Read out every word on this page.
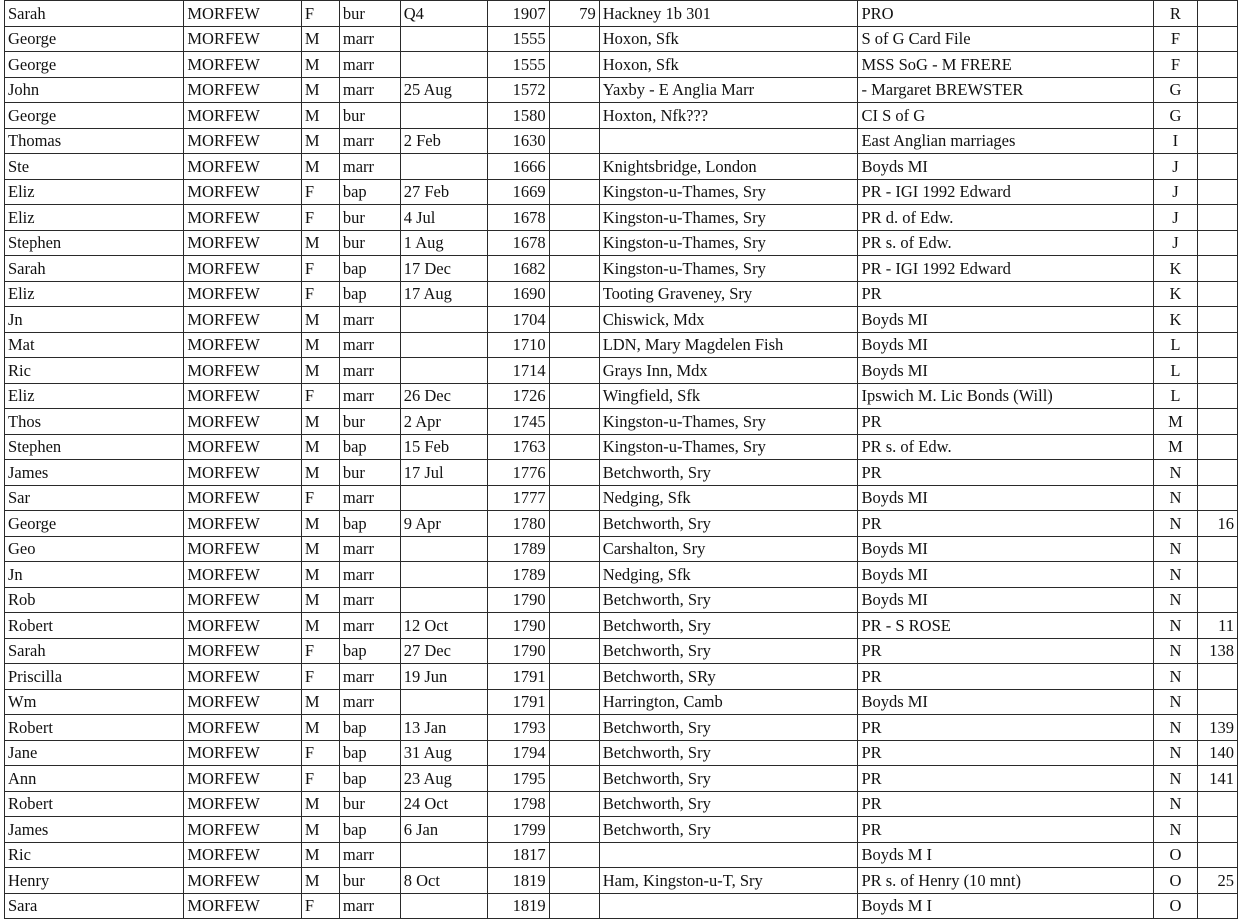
Sarah	MORFEW	F	bur	Q4	1907	79	Hackney 1b 301	PRO	R	
George	MORFEW	M	marr		1555		Hoxon, Sfk	S of G Card File	F	
George	MORFEW	M	marr		1555		Hoxon, Sfk	MSS SoG - M FRERE	F	
John	MORFEW	M	marr	25 Aug	1572		Yaxby - E Anglia Marr	- Margaret BREWSTER	G	
George	MORFEW	M	bur		1580		Hoxton, Nfk???	CI S of G	G	
Thomas	MORFEW	M	marr	2 Feb	1630			East Anglian marriages	I	
Ste	MORFEW	M	marr		1666		Knightsbridge, London	Boyds MI	J	
Eliz	MORFEW	F	bap	27 Feb	1669		Kingston-u-Thames, Sry	PR - IGI 1992 Edward	J	
Eliz	MORFEW	F	bur	4 Jul	1678		Kingston-u-Thames, Sry	PR d. of Edw.	J	
Stephen	MORFEW	M	bur	1 Aug	1678		Kingston-u-Thames, Sry	PR s. of Edw.	J	
Sarah	MORFEW	F	bap	17 Dec	1682		Kingston-u-Thames, Sry	PR - IGI 1992 Edward	K	
Eliz	MORFEW	F	bap	17 Aug	1690		Tooting Graveney, Sry	PR	K	
Jn	MORFEW	M	marr		1704		Chiswick, Mdx	Boyds MI	K	
Mat	MORFEW	M	marr		1710		LDN, Mary Magdelen Fish	Boyds MI	L	
Ric	MORFEW	M	marr		1714		Grays Inn, Mdx	Boyds MI	L	
Eliz	MORFEW	F	marr	26 Dec	1726		Wingfield, Sfk	Ipswich M. Lic Bonds (Will)	L	
Thos	MORFEW	M	bur	2 Apr	1745		Kingston-u-Thames, Sry	PR	M	
Stephen	MORFEW	M	bap	15 Feb	1763		Kingston-u-Thames, Sry	PR s. of Edw.	M	
James	MORFEW	M	bur	17 Jul	1776		Betchworth, Sry	PR	N	
Sar	MORFEW	F	marr		1777		Nedging, Sfk	Boyds MI	N	
George	MORFEW	M	bap	9 Apr	1780		Betchworth, Sry	PR	N	16
Geo	MORFEW	M	marr		1789		Carshalton, Sry	Boyds MI	N	
Jn	MORFEW	M	marr		1789		Nedging, Sfk	Boyds MI	N	
Rob	MORFEW	M	marr		1790		Betchworth, Sry	Boyds MI	N	
Robert	MORFEW	M	marr	12 Oct	1790		Betchworth, Sry	PR - S ROSE	N	11
Sarah	MORFEW	F	bap	27 Dec	1790		Betchworth, Sry	PR	N	138
Priscilla	MORFEW	F	marr	19 Jun	1791		Betchworth, SRy	PR	N	
Wm	MORFEW	M	marr		1791		Harrington, Camb	Boyds MI	N	
Robert	MORFEW	M	bap	13 Jan	1793		Betchworth, Sry	PR	N	139
Jane	MORFEW	F	bap	31 Aug	1794		Betchworth, Sry	PR	N	140
Ann	MORFEW	F	bap	23 Aug	1795		Betchworth, Sry	PR	N	141
Robert	MORFEW	M	bur	24 Oct	1798		Betchworth, Sry	PR	N	
James	MORFEW	M	bap	6 Jan	1799		Betchworth, Sry	PR	N	
Ric	MORFEW	M	marr		1817			Boyds M I	O	
Henry	MORFEW	M	bur	8 Oct	1819		Ham, Kingston-u-T, Sry	PR s. of Henry (10 mnt)	O	25
Sara	MORFEW	F	marr		1819			Boyds M I	O	
